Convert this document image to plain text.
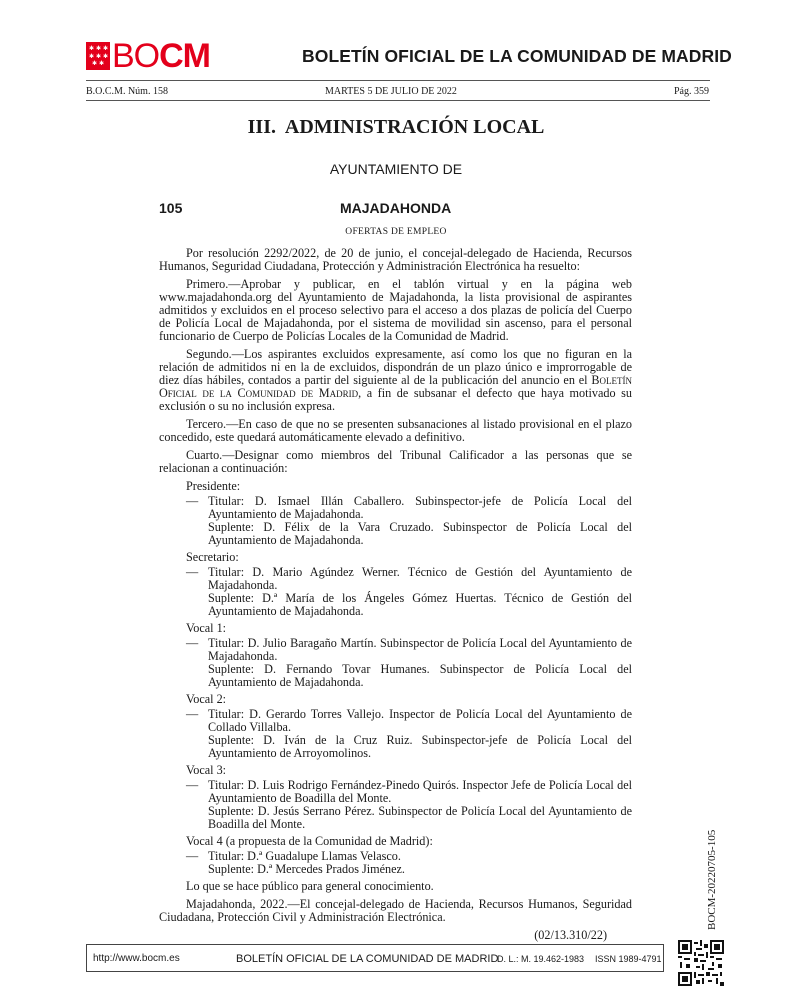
✱ ✱ ✱
✱ ✱ ✱
✱ ✱ BOCM	BOLETÍN OFICIAL DE LA COMUNIDAD DE MADRID
B.O.C.M. Núm. 158	MARTES 5 DE JULIO DE 2022	Pág. 359
III.  ADMINISTRACIÓN LOCAL
AYUNTAMIENTO DE
105	MAJADAHONDA
OFERTAS DE EMPLEO

Por resolución 2292/2022, de 20 de junio, el concejal-delegado de Hacienda, Recursos Humanos, Seguridad Ciudadana, Protección y Administración Electrónica ha resuelto:

Primero.—Aprobar y publicar, en el tablón virtual y en la página web www.majadahonda.org del Ayuntamiento de Majadahonda, la lista provisional de aspirantes admitidos y excluidos en el proceso selectivo para el acceso a dos plazas de policía del Cuerpo de Policía Local de Majadahonda, por el sistema de movilidad sin ascenso, para el personal funcionario de Cuerpo de Policías Locales de la Comunidad de Madrid.

Segundo.—Los aspirantes excluidos expresamente, así como los que no figuran en la relación de admitidos ni en la de excluidos, dispondrán de un plazo único e improrrogable de diez días hábiles, contados a partir del siguiente al de la publicación del anuncio en el Boletín Oficial de la Comunidad de Madrid, a fin de subsanar el defecto que haya motivado su exclusión o su no inclusión expresa.

Tercero.—En caso de que no se presenten subsanaciones al listado provisional en el plazo concedido, este quedará automáticamente elevado a definitivo.

Cuarto.—Designar como miembros del Tribunal Calificador a las personas que se relacionan a continuación:

Presidente:

— Titular: D. Ismael Illán Caballero. Subinspector-jefe de Policía Local del Ayuntamiento de Majadahonda.
Suplente: D. Félix de la Vara Cruzado. Subinspector de Policía Local del Ayuntamiento de Majadahonda.

Secretario:

— Titular: D. Mario Agúndez Werner. Técnico de Gestión del Ayuntamiento de Majadahonda.
Suplente: D.ª María de los Ángeles Gómez Huertas. Técnico de Gestión del Ayuntamiento de Majadahonda.

Vocal 1:

— Titular: D. Julio Baragaño Martín. Subinspector de Policía Local del Ayuntamiento de Majadahonda.
Suplente: D. Fernando Tovar Humanes. Subinspector de Policía Local del Ayuntamiento de Majadahonda.

Vocal 2:

— Titular: D. Gerardo Torres Vallejo. Inspector de Policía Local del Ayuntamiento de Collado Villalba.
Suplente: D. Iván de la Cruz Ruiz. Subinspector-jefe de Policía Local del Ayuntamiento de Arroyomolinos.

Vocal 3:

— Titular: D. Luis Rodrigo Fernández-Pinedo Quirós. Inspector Jefe de Policía Local del Ayuntamiento de Boadilla del Monte.
Suplente: D. Jesús Serrano Pérez. Subinspector de Policía Local del Ayuntamiento de Boadilla del Monte.

Vocal 4 (a propuesta de la Comunidad de Madrid):

— Titular: D.ª Guadalupe Llamas Velasco.
Suplente: D.ª Mercedes Prados Jiménez.

Lo que se hace público para general conocimiento.

Majadahonda, 2022.—El concejal-delegado de Hacienda, Recursos Humanos, Seguridad Ciudadana, Protección Civil y Administración Electrónica.

(02/13.310/22)

BOCM-20220705-105
http://www.bocm.es	BOLETÍN OFICIAL DE LA COMUNIDAD DE MADRID
D. L.: M. 19.462-1983 ISSN 1989-4791
